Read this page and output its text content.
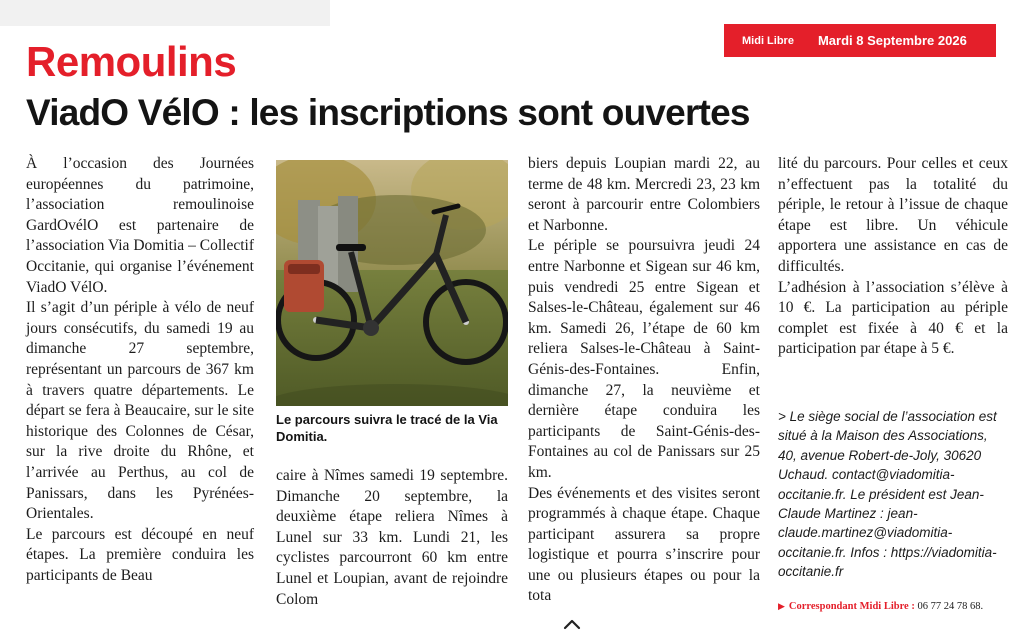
Midi Libre Mardi 8 Septembre 2026
Remoulins
ViadO VélO : les inscriptions sont ouvertes

À l’occasion des Journées européennes du patrimoine, l’association remoulinoise GardOvélO est partenaire de l’association Via Domitia – Collectif Occitanie, qui organise l’événement ViadO VélO.

Il s’agit d’un périple à vélo de neuf jours consécutifs, du samedi 19 au dimanche 27 septembre, représentant un parcours de 367 km à travers quatre départements. Le départ se fera à Beaucaire, sur le site historique des Colonnes de César, sur la rive droite du Rhône, et l’arrivée au Perthus, au col de Panissars, dans les Pyrénées-Orientales.

Le parcours est découpé en neuf étapes. La première conduira les participants de Beau

Le parcours suivra le tracé de la Via Domitia.

caire à Nîmes samedi 19 septembre. Dimanche 20 septembre, la deuxième étape reliera Nîmes à Lunel sur 33 km. Lundi 21, les cyclistes parcourront 60 km entre Lunel et Loupian, avant de rejoindre Colom

biers depuis Loupian mardi 22, au terme de 48 km. Mercredi 23, 23 km seront à parcourir entre Colombiers et Narbonne.

Le périple se poursuivra jeudi 24 entre Narbonne et Sigean sur 46 km, puis vendredi 25 entre Sigean et Salses-le-Château, également sur 46 km. Samedi 26, l’étape de 60 km reliera Salses-le-Château à Saint-Génis-des-Fontaines. Enfin, dimanche 27, la neuvième et dernière étape conduira les participants de Saint-Génis-des-Fontaines au col de Panissars sur 25 km.

Des événements et des visites seront programmés à chaque étape. Chaque participant assurera sa propre logistique et pourra s’inscrire pour une ou plusieurs étapes ou pour la tota

lité du parcours. Pour celles et ceux n’effectuent pas la totalité du périple, le retour à l’issue de chaque étape est libre. Un véhicule apportera une assistance en cas de difficultés.

L’adhésion à l’association s’élève à 10 €. La participation au périple complet est fixée à 40 € et la participation par étape à 5 €.

> Le siège social de l’association est situé à la Maison des Associations, 40, avenue Robert-de-Joly, 30620 Uchaud. contact@viadomitia-occitanie.fr. Le président est Jean-Claude Martinez : jean-claude.martinez@viadomitia-occitanie.fr. Infos : https://viadomitia-occitanie.fr

▶ Correspondant Midi Libre : 06 77 24 78 68.
